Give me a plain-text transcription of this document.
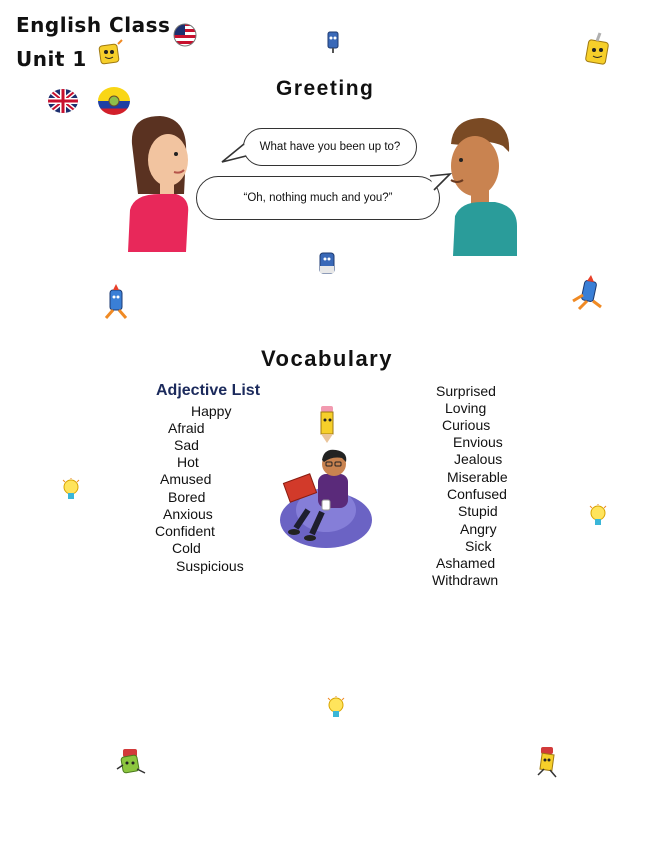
English Class
Unit 1
Greeting
What have you been up to?
“Oh, nothing much and you?”
Vocabulary
Adjective List
Happy
Afraid
Sad
Hot
Amused
Bored
Anxious
Confident
Cold
Suspicious
Surprised
Loving
Curious
Envious
Jealous
Miserable
Confused
Stupid
Angry
Sick
Ashamed
Withdrawn
